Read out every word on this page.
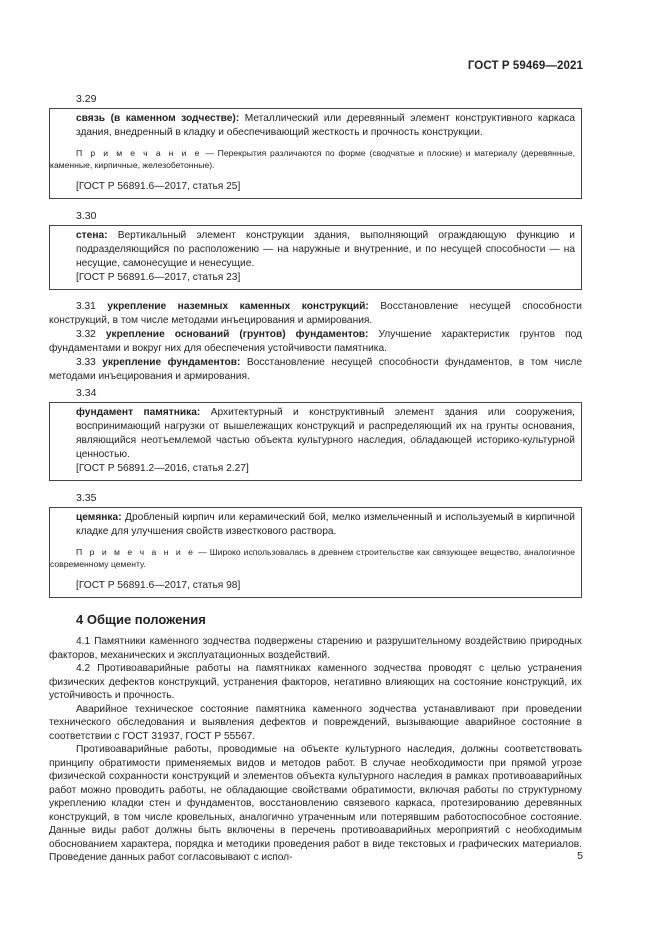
ГОСТ Р 59469—2021
3.29

связь (в каменном зодчестве): Металлический или деревянный элемент конструктивного каркаса здания, внедренный в кладку и обеспечивающий жесткость и прочность конструкции.

П р и м е ч а н и е — Перекрытия различаются по форме (сводчатые и плоские) и материалу (деревянные, каменные, кирпичные, железобетонные).

[ГОСТ Р 56891.6—2017, статья 25]

3.30

стена: Вертикальный элемент конструкции здания, выполняющий ограждающую функцию и подразделяющийся по расположению — на наружные и внутренние, и по несущей способности — на несущие, самонесущие и ненесущие.

[ГОСТ Р 56891.6—2017, статья 23]

3.31 укрепление наземных каменных конструкций: Восстановление несущей способности конструкций, в том числе методами инъецирования и армирования.

3.32 укрепление оснований (грунтов) фундаментов: Улучшение характеристик грунтов под фундаментами и вокруг них для обеспечения устойчивости памятника.

3.33 укрепление фундаментов: Восстановление несущей способности фундаментов, в том числе методами инъецирования и армирования.

3.34

фундамент памятника: Архитектурный и конструктивный элемент здания или сооружения, воспринимающий нагрузки от вышележащих конструкций и распределяющий их на грунты основания, являющийся неотъемлемой частью объекта культурного наследия, обладающей историко-культурной ценностью.

[ГОСТ Р 56891.2—2016, статья 2.27]

3.35

цемянка: Дробленый кирпич или керамический бой, мелко измельченный и используемый в кирпичной кладке для улучшения свойств известкового раствора.

П р и м е ч а н и е — Широко использовалась в древнем строительстве как связующее вещество, аналогичное современному цементу.

[ГОСТ Р 56891.6—2017, статья 98]

4 Общие положения

4.1 Памятники каменного зодчества подвержены старению и разрушительному воздействию природных факторов, механических и эксплуатационных воздействий.

4.2 Противоаварийные работы на памятниках каменного зодчества проводят с целью устранения физических дефектов конструкций, устранения факторов, негативно влияющих на состояние конструкций, их устойчивость и прочность.

Аварийное техническое состояние памятника каменного зодчества устанавливают при проведении технического обследования и выявления дефектов и повреждений, вызывающие аварийное состояние в соответствии с ГОСТ 31937, ГОСТ Р 55567.

Противоаварийные работы, проводимые на объекте культурного наследия, должны соответствовать принципу обратимости применяемых видов и методов работ. В случае необходимости при прямой угрозе физической сохранности конструкций и элементов объекта культурного наследия в рамках противоаварийных работ можно проводить работы, не обладающие свойствами обратимости, включая работы по структурному укреплению кладки стен и фундаментов, восстановлению связевого каркаса, протезированию деревянных конструкций, в том числе кровельных, аналогично утраченным или потерявшим работоспособное состояние. Данные виды работ должны быть включены в перечень противоаварийных мероприятий с необходимым обоснованием характера, порядка и методики проведения работ в виде текстовых и графических материалов. Проведение данных работ согласовывают с испол-	5
